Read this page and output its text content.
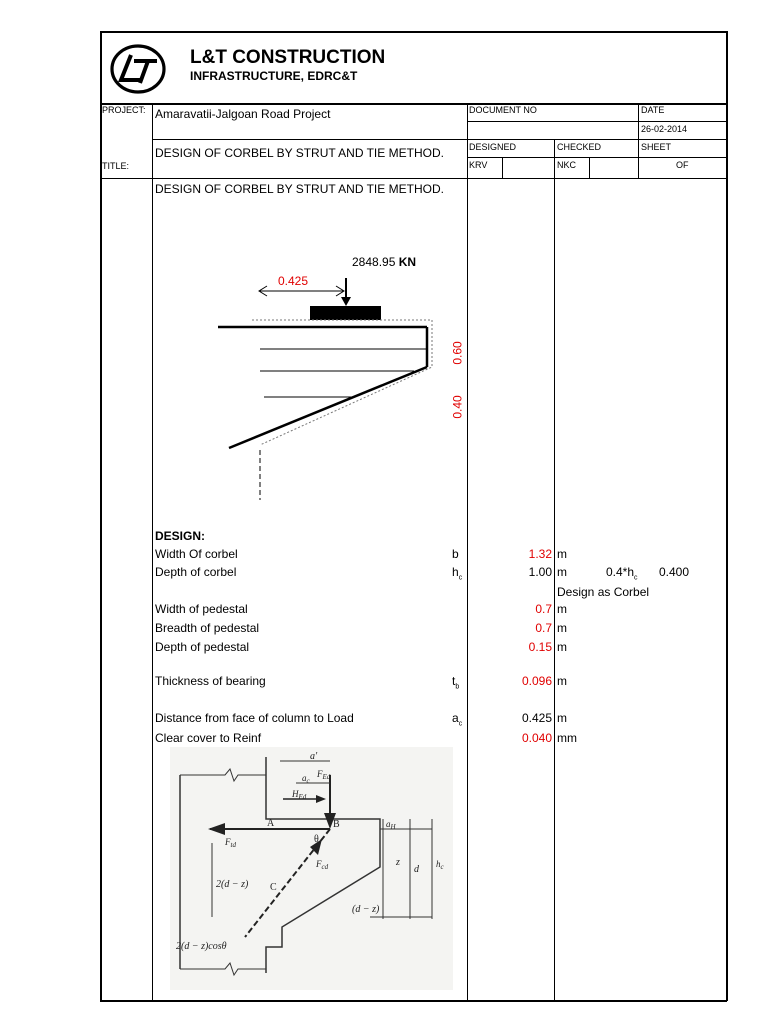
L&T CONSTRUCTION
INFRASTRUCTURE, EDRC&T
PROJECT: Amaravatii-Jalgoan Road Project
TITLE:
DESIGN OF CORBEL BY STRUT AND TIE METHOD.
DOCUMENT NO	DATE
26-02-2014
DESIGNED	CHECKED	SHEET
KRV	NKC	OF
DESIGN OF CORBEL BY STRUT AND TIE METHOD.
2848.95 KN
0.425
0.60
0.40
DESIGN:
Width Of corbel	b	1.32 m
Depth of corbel	$h_c$	1.00 m	$0.4*h_c$ 0.400
Design as Corbel
Width of pedestal	0.7 m
Breadth of pedestal	0.7 m
Depth of pedestal	0.15 m
Thickness of bearing	$t_b$	0.096 m
Distance from face of column to Load	$a_c$	0.425 m
Clear cover to Reinf	0.040 mm
a′
$a_c$
$F_{Ed}$
$H_{Ed}$
A	B	$a_H$
θ
$F_{td}$
$F_{cd}$	z
d $h_c$
2(d − z) C
(d − z)
2(d − z)cosθ
